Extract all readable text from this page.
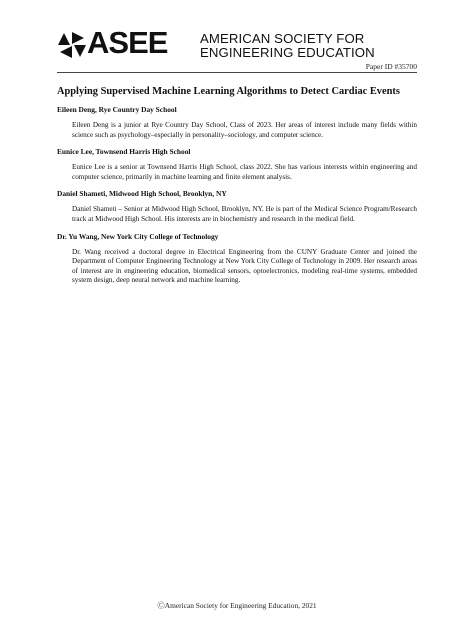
ASEE AMERICAN SOCIETY FOR
ENGINEERING EDUCATION
Paper ID #35700
Applying Supervised Machine Learning Algorithms to Detect Cardiac Events

Eileen Deng, Rye Country Day School

Eileen Deng is a junior at Rye Country Day School, Class of 2023. Her areas of interest include many fields within science such as psychology–especially in personality–sociology, and computer science.

Eunice Lee, Townsend Harris High School

Eunice Lee is a senior at Townsend Harris High School, class 2022. She has various interests within engineering and computer science, primarily in machine learning and finite element analysis.

Daniel Shameti, Midwood High School, Brooklyn, NY

Daniel Shameti – Senior at Midwood High School, Brooklyn, NY. He is part of the Medical Science Program/Research track at Midwood High School. His interests are in biochemistry and research in the medical field.

Dr. Yu Wang, New York City College of Technology

Dr. Wang received a doctoral degree in Electrical Engineering from the CUNY Graduate Center and joined the Department of Computer Engineering Technology at New York City College of Technology in 2009. Her research areas of interest are in engineering education, biomedical sensors, optoelectronics, modeling real-time systems, embedded system design, deep neural network and machine learning.

ⒸAmerican Society for Engineering Education, 2021
